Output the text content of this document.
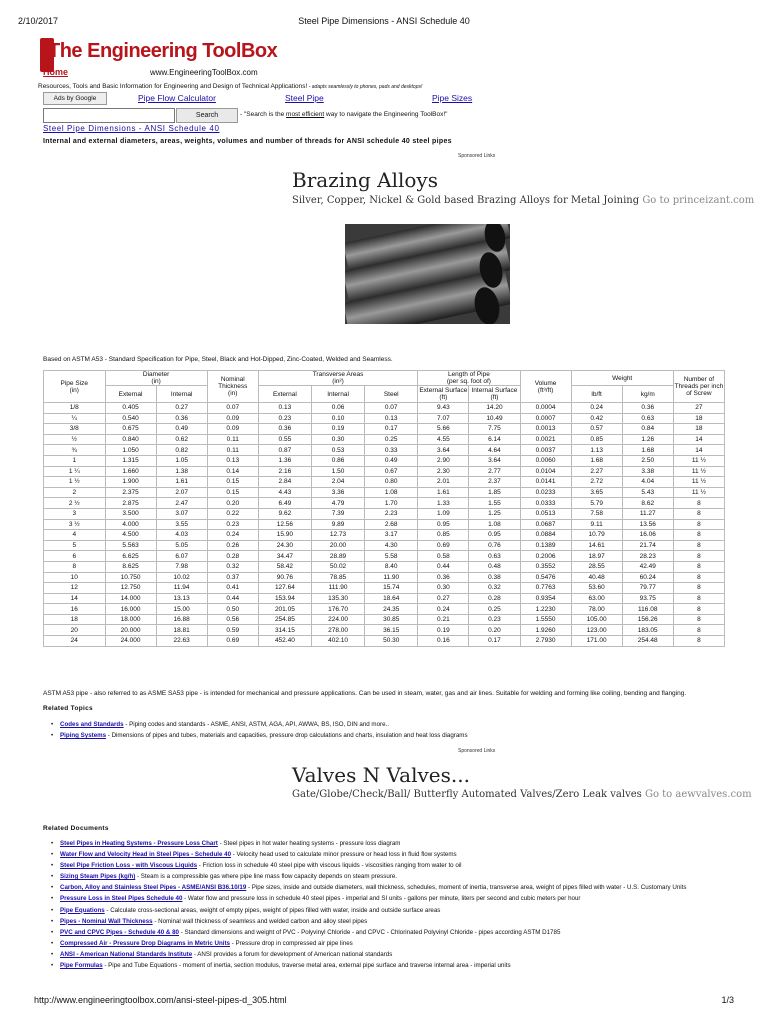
2/10/2017	Steel Pipe Dimensions - ANSI Schedule 40
The Engineering ToolBox
Home	www.EngineeringToolBox.com
Resources, Tools and Basic Information for Engineering and Design of Technical Applications! - adapts seamlessly to phones, pads and desktops!
Ads by Google	Pipe Flow Calculator	Steel Pipe	Pipe Sizes
Search	- "Search is the most efficient way to navigate the Engineering ToolBox!"
Steel Pipe Dimensions - ANSI Schedule 40
Internal and external diameters, areas, weights, volumes and number of threads for ANSI schedule 40 steel pipes
Sponsored Links
Brazing Alloys
Silver, Copper, Nickel & Gold based Brazing Alloys for Metal Joining Go to princeizant.com
Based on ASTM A53 - Standard Specification for Pipe, Steel, Black and Hot-Dipped, Zinc-Coated, Welded and Seamless.
Pipe Size
(in)	Diameter
(in)		Nominal Thickness
(in)	Transverse Areas
(in²)			Length of Pipe
(per sq. foot of)		Volume
(ft³/ft)	Weight		Number of Threads per inch of Screw
	External	Internal		External	Internal	Steel	External Surface (ft)	Internal Surface (ft)		lb/ft	kg/m	
1/8	0.405	0.27	0.07	0.13	0.06	0.07	9.43	14.20	0.0004	0.24	0.36	27
¼	0.540	0.36	0.09	0.23	0.10	0.13	7.07	10.49	0.0007	0.42	0.63	18
3/8	0.675	0.49	0.09	0.36	0.19	0.17	5.66	7.75	0.0013	0.57	0.84	18
½	0.840	0.62	0.11	0.55	0.30	0.25	4.55	6.14	0.0021	0.85	1.26	14
¾	1.050	0.82	0.11	0.87	0.53	0.33	3.64	4.64	0.0037	1.13	1.68	14
1	1.315	1.05	0.13	1.36	0.86	0.49	2.90	3.64	0.0060	1.68	2.50	11 ½
1 ¼	1.660	1.38	0.14	2.16	1.50	0.67	2.30	2.77	0.0104	2.27	3.38	11 ½
1 ½	1.900	1.61	0.15	2.84	2.04	0.80	2.01	2.37	0.0141	2.72	4.04	11 ½
2	2.375	2.07	0.15	4.43	3.36	1.08	1.61	1.85	0.0233	3.65	5.43	11 ½
2 ½	2.875	2.47	0.20	6.49	4.79	1.70	1.33	1.55	0.0333	5.79	8.62	8
3	3.500	3.07	0.22	9.62	7.39	2.23	1.09	1.25	0.0513	7.58	11.27	8
3 ½	4.000	3.55	0.23	12.56	9.89	2.68	0.95	1.08	0.0687	9.11	13.56	8
4	4.500	4.03	0.24	15.90	12.73	3.17	0.85	0.95	0.0884	10.79	16.06	8
5	5.563	5.05	0.26	24.30	20.00	4.30	0.69	0.76	0.1389	14.61	21.74	8
6	6.625	6.07	0.28	34.47	28.89	5.58	0.58	0.63	0.2006	18.97	28.23	8
8	8.625	7.98	0.32	58.42	50.02	8.40	0.44	0.48	0.3552	28.55	42.49	8
10	10.750	10.02	0.37	90.76	78.85	11.90	0.36	0.38	0.5476	40.48	60.24	8
12	12.750	11.94	0.41	127.64	111.90	15.74	0.30	0.32	0.7763	53.60	79.77	8
14	14.000	13.13	0.44	153.94	135.30	18.64	0.27	0.28	0.9354	63.00	93.75	8
16	16.000	15.00	0.50	201.05	176.70	24.35	0.24	0.25	1.2230	78.00	116.08	8
18	18.000	16.88	0.56	254.85	224.00	30.85	0.21	0.23	1.5550	105.00	156.26	8
20	20.000	18.81	0.59	314.15	278.00	36.15	0.19	0.20	1.9260	123.00	183.05	8
24	24.000	22.63	0.69	452.40	402.10	50.30	0.16	0.17	2.7930	171.00	254.48	8
ASTM A53 pipe - also referred to as ASME SA53 pipe - is intended for mechanical and pressure applications. Can be used in steam, water, gas and air lines. Suitable for welding and forming like coiling, bending and flanging.
Related Topics
• Codes and Standards - Piping codes and standards - ASME, ANSI, ASTM, AGA, API, AWWA, BS, ISO, DIN and more..
• Piping Systems - Dimensions of pipes and tubes, materials and capacities, pressure drop calculations and charts, insulation and heat loss diagrams
Sponsored Links
Valves N Valves...
Gate/Globe/Check/Ball/ Butterfly Automated Valves/Zero Leak valves Go to aewvalves.com
Related Documents
• Steel Pipes in Heating Systems - Pressure Loss Chart - Steel pipes in hot water heating systems - pressure loss diagram
• Water Flow and Velocity Head in Steel Pipes - Schedule 40 - Velocity head used to calculate minor pressure or head loss in fluid flow systems
• Steel Pipe Friction Loss - with Viscous Liquids - Friction loss in schedule 40 steel pipe with viscous liquids - viscosities ranging from water to oil
• Sizing Steam Pipes (kg/h) - Steam is a compressible gas where pipe line mass flow capacity depends on steam pressure.
• Carbon, Alloy and Stainless Steel Pipes - ASME/ANSI B36.10/19 - Pipe sizes, inside and outside diameters, wall thickness, schedules, moment of inertia, transverse area, weight of pipes filled with water - U.S. Customary Units
• Pressure Loss in Steel Pipes Schedule 40 - Water flow and pressure loss in schedule 40 steel pipes - imperial and SI units - gallons per minute, liters per second and cubic meters per hour
• Pipe Equations - Calculate cross-sectional areas, weight of empty pipes, weight of pipes filled with water, inside and outside surface areas
• Pipes - Nominal Wall Thickness - Nominal wall thickness of seamless and welded carbon and alloy steel pipes
• PVC and CPVC Pipes - Schedule 40 & 80 - Standard dimensions and weight of PVC - Polyvinyl Chloride - and CPVC - Chlorinated Polyvinyl Chloride - pipes according ASTM D1785
• Compressed Air - Pressure Drop Diagrams in Metric Units - Pressure drop in compressed air pipe lines
• ANSI - American National Standards Institute - ANSI provides a forum for development of American national standards
• Pipe Formulas - Pipe and Tube Equations - moment of inertia, section modulus, traverse metal area, external pipe surface and traverse internal area - imperial units
http://www.engineeringtoolbox.com/ansi-steel-pipes-d_305.html	1/3
